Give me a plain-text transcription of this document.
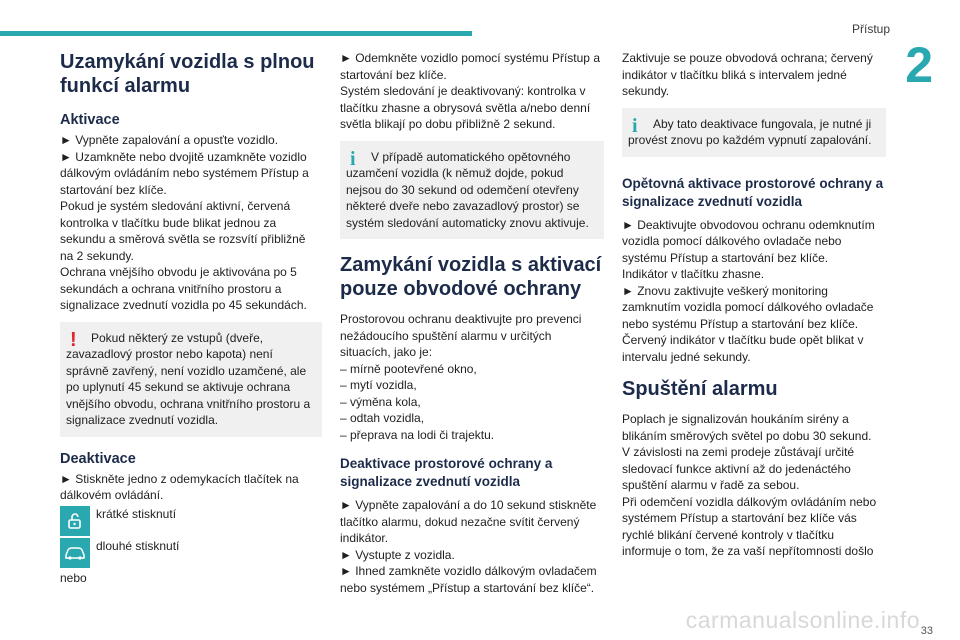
Přístup
2
Uzamykání vozidla s plnou funkcí alarmu
Aktivace
► Vypněte zapalování a opusťte vozidlo.
► Uzamkněte nebo dvojitě uzamkněte vozidlo dálkovým ovládáním nebo systémem Přístup a startování bez klíče.
Pokud je systém sledování aktivní, červená kontrolka v tlačítku bude blikat jednou za sekundu a směrová světla se rozsvítí přibližně na 2 sekundy.
Ochrana vnějšího obvodu je aktivována po 5 sekundách a ochrana vnitřního prostoru a signalizace zvednutí vozidla po 45 sekundách.
!	Pokud některý ze vstupů (dveře, zavazadlový prostor nebo kapota) není správně zavřený, není vozidlo uzamčené, ale po uplynutí 45 sekund se aktivuje ochrana vnějšího obvodu, ochrana vnitřního prostoru a signalizace zvednutí vozidla.
Deaktivace
► Stiskněte jedno z odemykacích tlačítek na dálkovém ovládání.
krátké stisknutí
dlouhé stisknutí
nebo
► Odemkněte vozidlo pomocí systému Přístup a startování bez klíče.
Systém sledování je deaktivovaný: kontrolka v tlačítku zhasne a obrysová světla a/nebo denní světla blikají po dobu přibližně 2 sekund.
i	V případě automatického opětovného uzamčení vozidla (k němuž dojde, pokud nejsou do 30 sekund od odemčení otevřeny některé dveře nebo zavazadlový prostor) se systém sledování automaticky znovu aktivuje.
Zamykání vozidla s aktivací pouze obvodové ochrany
Prostorovou ochranu deaktivujte pro prevenci nežádoucího spuštění alarmu v určitých situacích, jako je:
– mírně pootevřené okno,
– mytí vozidla,
– výměna kola,
– odtah vozidla,
– přeprava na lodi či trajektu.
Deaktivace prostorové ochrany a signalizace zvednutí vozidla
► Vypněte zapalování a do 10 sekund stiskněte tlačítko alarmu, dokud nezačne svítit červený indikátor.
► Vystupte z vozidla.
► Ihned zamkněte vozidlo dálkovým ovladačem nebo systémem „Přístup a startování bez klíče“.
Zaktivuje se pouze obvodová ochrana; červený indikátor v tlačítku bliká s intervalem jedné sekundy.
i	Aby tato deaktivace fungovala, je nutné ji provést znovu po každém vypnutí zapalování.
Opětovná aktivace prostorové ochrany a signalizace zvednutí vozidla
► Deaktivujte obvodovou ochranu odemknutím vozidla pomocí dálkového ovladače nebo systému Přístup a startování bez klíče.
Indikátor v tlačítku zhasne.
► Znovu zaktivujte veškerý monitoring zamknutím vozidla pomocí dálkového ovladače nebo systému Přístup a startování bez klíče.
Červený indikátor v tlačítku bude opět blikat v intervalu jedné sekundy.
Spuštění alarmu
Poplach je signalizován houkáním sirény a blikáním směrových světel po dobu 30 sekund.
V závislosti na zemi prodeje zůstávají určité sledovací funkce aktivní až do jedenáctého spuštění alarmu v řadě za sebou.
Při odemčení vozidla dálkovým ovládáním nebo systémem Přístup a startování bez klíče vás rychlé blikání červené kontroly v tlačítku informuje o tom, že za vaší nepřítomnosti došlo
carmanualsonline.info 33
